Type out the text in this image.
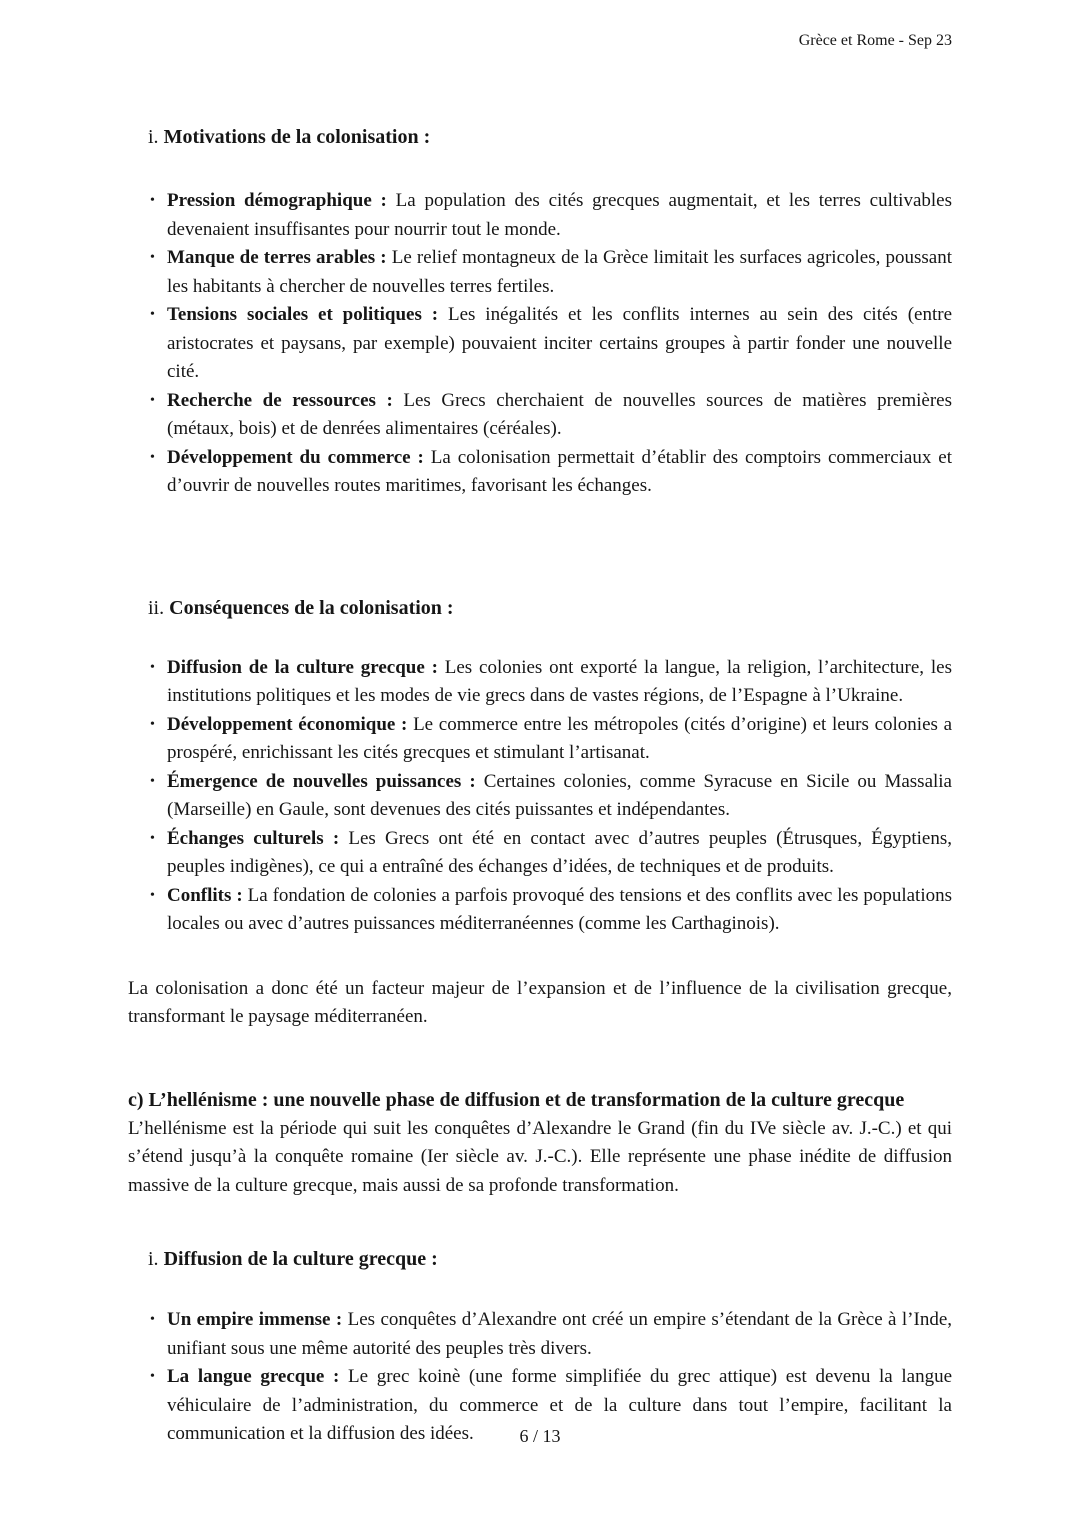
Grèce et Rome - Sep 23
i. Motivations de la colonisation :
• Pression démographique : La population des cités grecques augmentait, et les terres cultivables devenaient insuffisantes pour nourrir tout le monde.
• Manque de terres arables : Le relief montagneux de la Grèce limitait les surfaces agricoles, poussant les habitants à chercher de nouvelles terres fertiles.
• Tensions sociales et politiques : Les inégalités et les conflits internes au sein des cités (entre aristocrates et paysans, par exemple) pouvaient inciter certains groupes à partir fonder une nouvelle cité.
• Recherche de ressources : Les Grecs cherchaient de nouvelles sources de matières premières (métaux, bois) et de denrées alimentaires (céréales).
• Développement du commerce : La colonisation permettait d’établir des comptoirs commerciaux et d’ouvrir de nouvelles routes maritimes, favorisant les échanges.
ii. Conséquences de la colonisation :
• Diffusion de la culture grecque : Les colonies ont exporté la langue, la religion, l’architecture, les institutions politiques et les modes de vie grecs dans de vastes régions, de l’Espagne à l’Ukraine.
• Développement économique : Le commerce entre les métropoles (cités d’origine) et leurs colonies a prospéré, enrichissant les cités grecques et stimulant l’artisanat.
• Émergence de nouvelles puissances : Certaines colonies, comme Syracuse en Sicile ou Massalia (Marseille) en Gaule, sont devenues des cités puissantes et indépendantes.
• Échanges culturels : Les Grecs ont été en contact avec d’autres peuples (Étrusques, Égyptiens, peuples indigènes), ce qui a entraîné des échanges d’idées, de techniques et de produits.
• Conflits : La fondation de colonies a parfois provoqué des tensions et des conflits avec les populations locales ou avec d’autres puissances méditerranéennes (comme les Carthaginois).

La colonisation a donc été un facteur majeur de l’expansion et de l’influence de la civilisation grecque, transformant le paysage méditerranéen.

c) L’hellénisme : une nouvelle phase de diffusion et de transformation de la culture grecque

L’hellénisme est la période qui suit les conquêtes d’Alexandre le Grand (fin du IVe siècle av. J.-C.) et qui s’étend jusqu’à la conquête romaine (Ier siècle av. J.-C.). Elle représente une phase inédite de diffusion massive de la culture grecque, mais aussi de sa profonde transformation.

i. Diffusion de la culture grecque :
• Un empire immense : Les conquêtes d’Alexandre ont créé un empire s’étendant de la Grèce à l’Inde, unifiant sous une même autorité des peuples très divers.
• La langue grecque : Le grec koinè (une forme simplifiée du grec attique) est devenu la langue véhiculaire de l’administration, du commerce et de la culture dans tout l’empire, facilitant la communication et la diffusion des idées.	6 / 13
